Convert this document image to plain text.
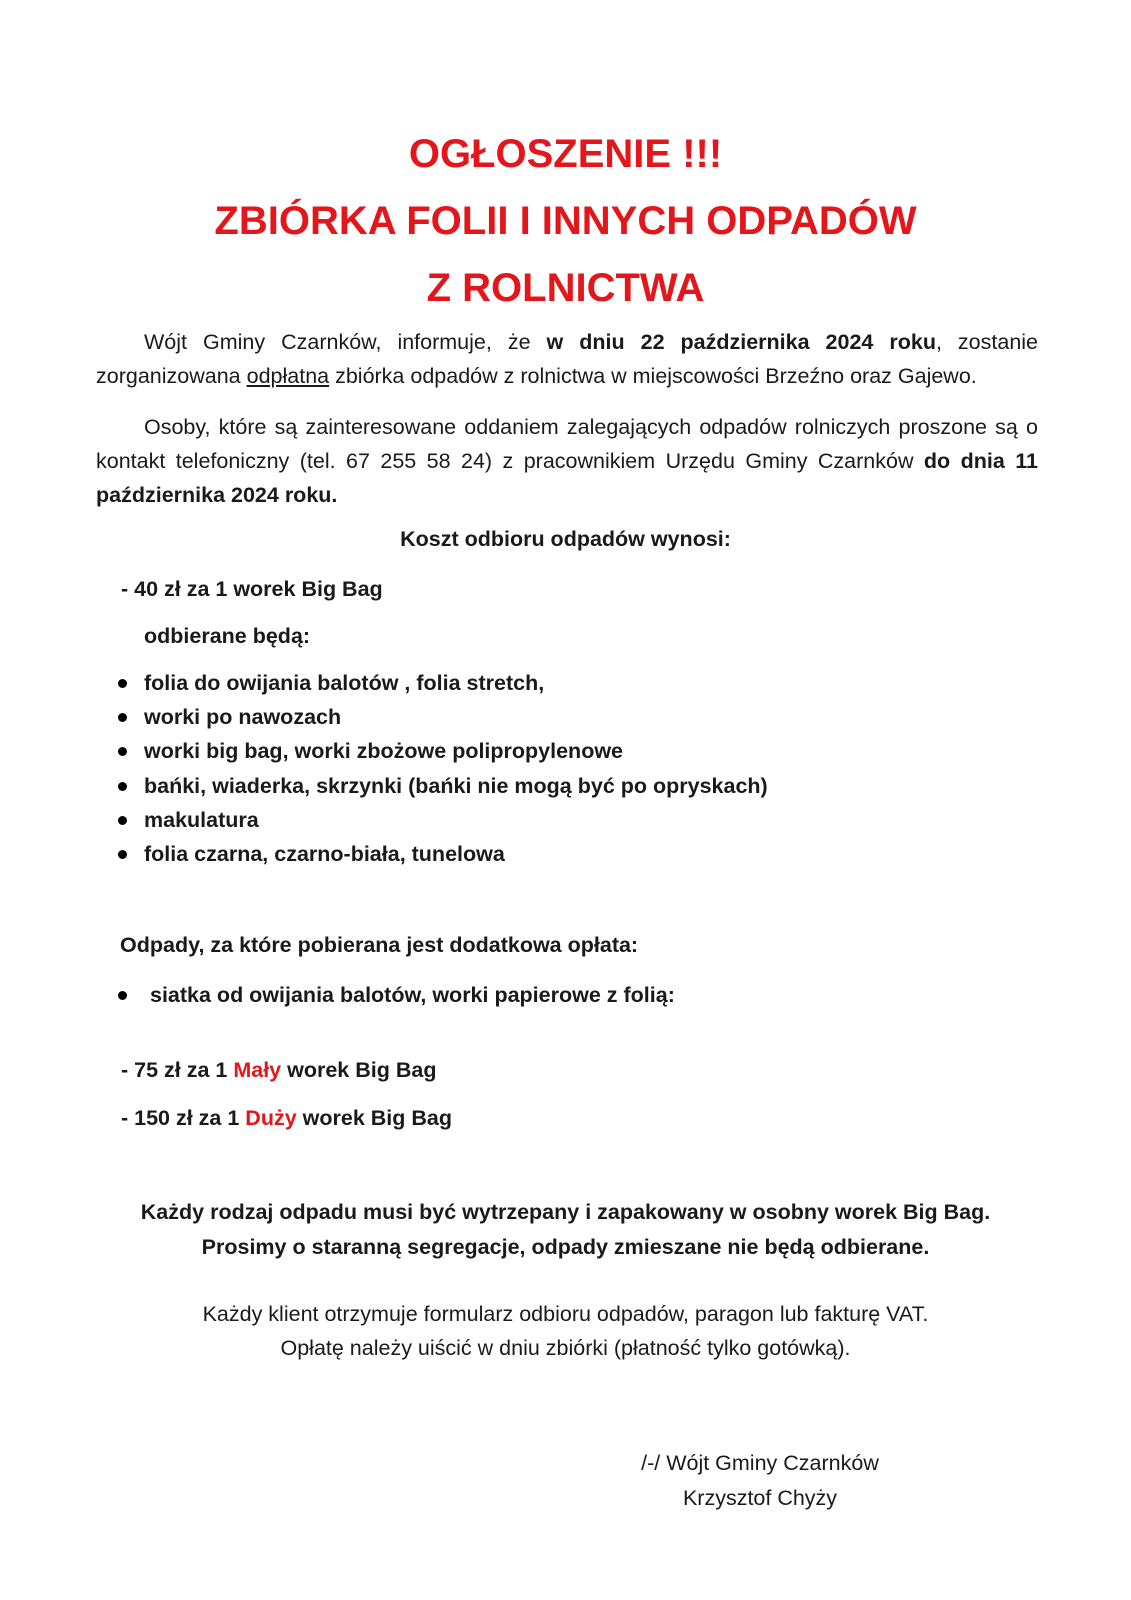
OGŁOSZENIE !!!
ZBIÓRKA FOLII I INNYCH ODPADÓW
Z ROLNICTWA

Wójt Gminy Czarnków, informuje, że w dniu 22 października 2024 roku, zostanie zorganizowana odpłatna zbiórka odpadów z rolnictwa w miejscowości Brzeźno oraz Gajewo.

Osoby, które są zainteresowane oddaniem zalegających odpadów rolniczych proszone są o kontakt telefoniczny (tel. 67 255 58 24) z pracownikiem Urzędu Gminy Czarnków do dnia 11 października 2024 roku.

Koszt odbioru odpadów wynosi:

- 40 zł za 1 worek Big Bag

odbierane będą:

folia do owijania balotów , folia stretch,
worki po nawozach
worki big bag, worki zbożowe polipropylenowe
bańki, wiaderka, skrzynki (bańki nie mogą być po opryskach)
makulatura
folia czarna, czarno-biała, tunelowa

Odpady, za które pobierana jest dodatkowa opłata:

siatka od owijania balotów, worki papierowe z folią:

- 75 zł za 1 Mały worek Big Bag

- 150 zł za 1 Duży worek Big Bag

Każdy rodzaj odpadu musi być wytrzepany i zapakowany w osobny worek Big Bag.

Prosimy o staranną segregacje, odpady zmieszane nie będą odbierane.

Każdy klient otrzymuje formularz odbioru odpadów, paragon lub fakturę VAT.

Opłatę należy uiścić w dniu zbiórki (płatność tylko gotówką).

/-/ Wójt Gminy Czarnków

Krzysztof Chyży
